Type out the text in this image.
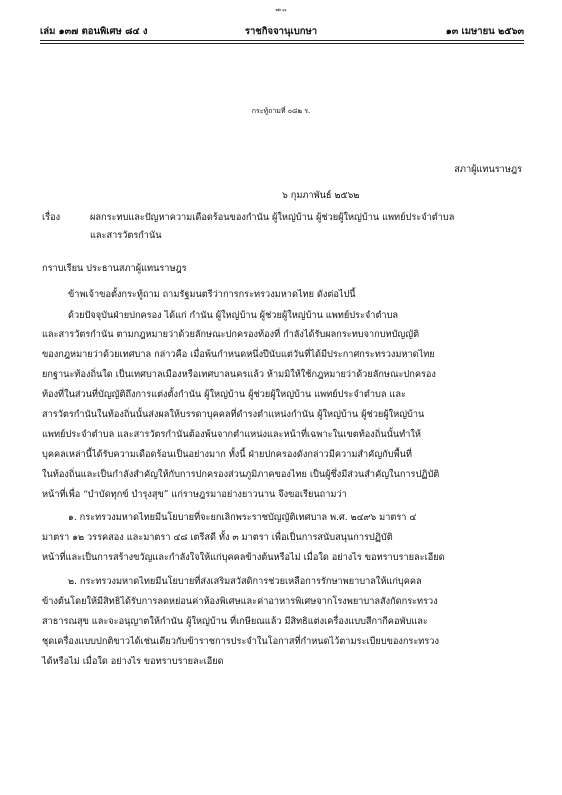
หน้า ๔๖
เล่ม ๑๓๗ ตอนพิเศษ ๘๔ ง	ราชกิจจานุเบกษา	๑๓ เมษายน ๒๕๖๓
กระทู้ถามที่ ๐๘๒ ร.
สภาผู้แทนราษฎร
๖ กุมภาพันธ์ ๒๕๖๒
เรื่อง	ผลกระทบและปัญหาความเดือดร้อนของกำนัน ผู้ใหญ่บ้าน ผู้ช่วยผู้ใหญ่บ้าน แพทย์ประจำตำบล
และสารวัตรกำนัน
กราบเรียน ประธานสภาผู้แทนราษฎร
ข้าพเจ้าขอตั้งกระทู้ถาม ถามรัฐมนตรีว่าการกระทรวงมหาดไทย ดังต่อไปนี้
ด้วยปัจจุบันฝ่ายปกครอง ได้แก่ กำนัน ผู้ใหญ่บ้าน ผู้ช่วยผู้ใหญ่บ้าน แพทย์ประจำตำบล
และสารวัตรกำนัน ตามกฎหมายว่าด้วยลักษณะปกครองท้องที่ กำลังได้รับผลกระทบจากบทบัญญัติ
ของกฎหมายว่าด้วยเทศบาล กล่าวคือ เมื่อพ้นกำหนดหนึ่งปีนับแต่วันที่ได้มีประกาศกระทรวงมหาดไทย
ยกฐานะท้องถิ่นใด เป็นเทศบาลเมืองหรือเทศบาลนครแล้ว ห้ามมิให้ใช้กฎหมายว่าด้วยลักษณะปกครอง
ท้องที่ในส่วนที่บัญญัติถึงการแต่งตั้งกำนัน ผู้ใหญ่บ้าน ผู้ช่วยผู้ใหญ่บ้าน แพทย์ประจำตำบล และ
สารวัตรกำนันในท้องถิ่นนั้นส่งผลให้บรรดาบุคคลที่ดำรงตำแหน่งกำนัน ผู้ใหญ่บ้าน ผู้ช่วยผู้ใหญ่บ้าน
แพทย์ประจำตำบล และสารวัตรกำนันต้องพ้นจากตำแหน่งและหน้าที่เฉพาะในเขตท้องถิ่นนั้นทำให้
บุคคลเหล่านี้ได้รับความเดือดร้อนเป็นอย่างมาก ทั้งนี้ ฝ่ายปกครองดังกล่าวมีความสำคัญกับพื้นที่
ในท้องถิ่นและเป็นกำลังสำคัญให้กับการปกครองส่วนภูมิภาคของไทย เป็นผู้ซึ่งมีส่วนสำคัญในการปฏิบัติ
หน้าที่เพื่อ “บำบัดทุกข์ บำรุงสุข” แก่ราษฎรมาอย่างยาวนาน จึงขอเรียนถามว่า
๑. กระทรวงมหาดไทยมีนโยบายที่จะยกเลิกพระราชบัญญัติเทศบาล พ.ศ. ๒๔๙๖ มาตรา ๔
มาตรา ๑๒ วรรคสอง และมาตรา ๔๘ เตรีสดี ทั้ง ๓ มาตรา เพื่อเป็นการสนับสนุนการปฏิบัติ
หน้าที่และเป็นการสร้างขวัญและกำลังใจให้แก่บุคคลข้างต้นหรือไม่ เมื่อใด อย่างไร ขอทราบรายละเอียด
๒. กระทรวงมหาดไทยมีนโยบายที่ส่งเสริมสวัสดิการช่วยเหลือการรักษาพยาบาลให้แก่บุคคล
ข้างต้นโดยให้มีสิทธิได้รับการลดหย่อนค่าห้องพิเศษและค่าอาหารพิเศษจากโรงพยาบาลสังกัดกระทรวง
สาธารณสุข และจะอนุญาตให้กำนัน ผู้ใหญ่บ้าน ที่เกษียณแล้ว มีสิทธิแต่งเครื่องแบบสีกากีคอพับและ
ชุดเครื่องแบบปกติขาวได้เช่นเดียวกับข้าราชการประจำในโอกาสที่กำหนดไว้ตามระเบียบของกระทรวง
ได้หรือไม่ เมื่อใด อย่างไร ขอทราบรายละเอียด
